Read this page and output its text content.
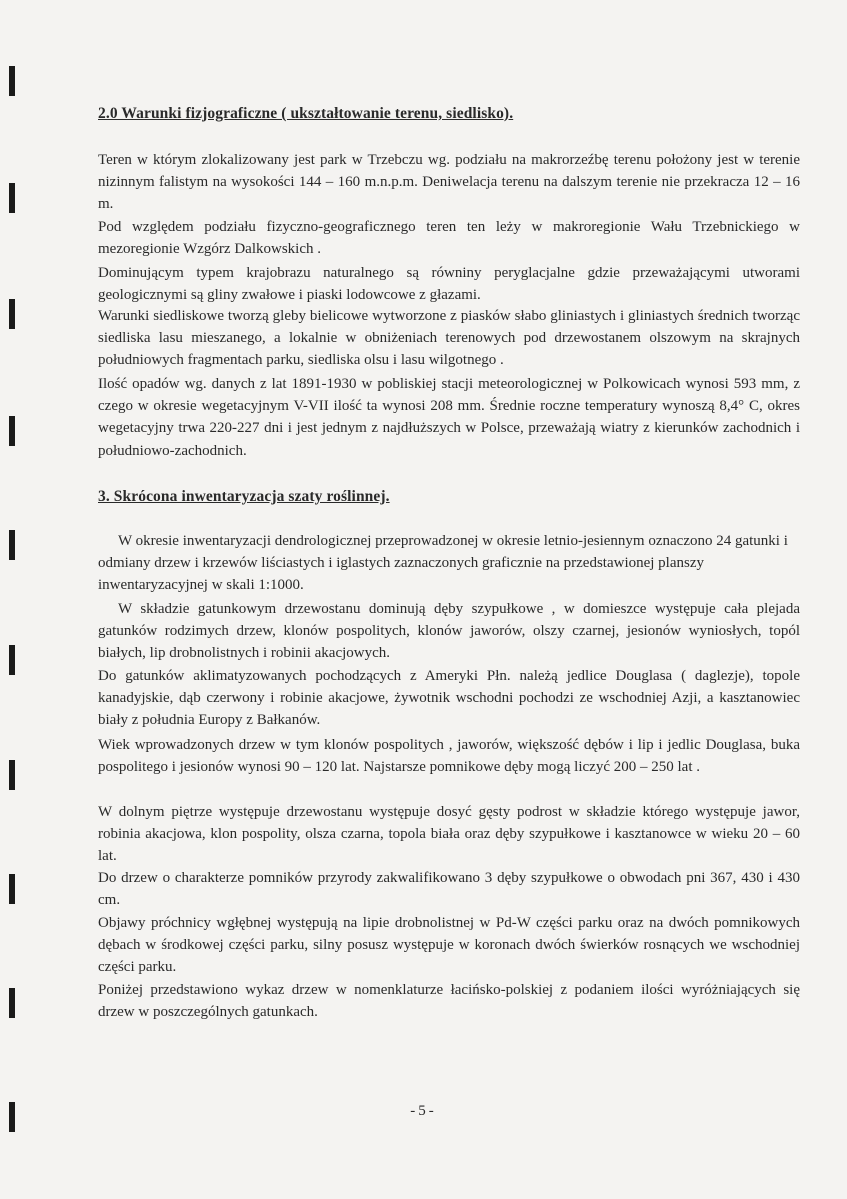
2.0 Warunki fizjograficzne ( ukształtowanie terenu, siedlisko).
Teren w którym zlokalizowany jest park w Trzebczu wg. podziału na makrorzeźbę terenu położony jest w terenie nizinnym falistym na wysokości 144 – 160 m.n.p.m. Deniwelacja terenu na dalszym terenie nie przekracza 12 – 16 m.
Pod względem podziału fizyczno-geograficznego teren ten leży w makroregionie Wału Trzebnickiego w mezoregionie Wzgórz Dalkowskich .
Dominującym typem krajobrazu naturalnego są równiny peryglacjalne gdzie przeważającymi utworami geologicznymi są gliny zwałowe i piaski lodowcowe z głazami.
Warunki siedliskowe tworzą gleby bielicowe wytworzone z piasków słabo gliniastych i gliniastych średnich tworząc siedliska lasu mieszanego, a lokalnie w obniżeniach terenowych pod drzewostanem olszowym na skrajnych południowych fragmentach parku, siedliska olsu i lasu wilgotnego .
Ilość opadów wg. danych z lat 1891-1930 w pobliskiej stacji meteorologicznej w Polkowicach wynosi 593 mm, z czego w okresie wegetacyjnym V-VII ilość ta wynosi 208 mm. Średnie roczne temperatury wynoszą 8,4° C, okres wegetacyjny trwa 220-227 dni i jest jednym z najdłuższych w Polsce, przeważają wiatry z kierunków zachodnich i południowo-zachodnich.
3. Skrócona inwentaryzacja szaty roślinnej.
W okresie inwentaryzacji dendrologicznej przeprowadzonej w okresie letnio-jesiennym oznaczono 24 gatunki i odmiany drzew i krzewów liściastych i iglastych zaznaczonych graficznie na przedstawionej planszy inwentaryzacyjnej w skali 1:1000.
W składzie gatunkowym drzewostanu dominują dęby szypułkowe , w domieszce występuje cała plejada gatunków rodzimych drzew, klonów pospolitych, klonów jaworów, olszy czarnej, jesionów wyniosłych, topól białych, lip drobnolistnych i robinii akacjowych.
Do gatunków aklimatyzowanych pochodzących z Ameryki Płn. należą jedlice Douglasa ( daglezje), topole kanadyjskie, dąb czerwony i robinie akacjowe, żywotnik wschodni pochodzi ze wschodniej Azji, a kasztanowiec biały z południa Europy z Bałkanów.
Wiek wprowadzonych drzew w tym klonów pospolitych , jaworów, większość dębów i lip i jedlic Douglasa, buka pospolitego i jesionów wynosi 90 – 120 lat. Najstarsze pomnikowe dęby mogą liczyć 200 – 250 lat .
W dolnym piętrze występuje drzewostanu występuje dosyć gęsty podrost w składzie którego występuje jawor, robinia akacjowa, klon pospolity, olsza czarna, topola biała oraz dęby szypułkowe i kasztanowce w wieku 20 – 60 lat.
Do drzew o charakterze pomników przyrody zakwalifikowano 3 dęby szypułkowe o obwodach pni 367, 430 i 430 cm.
Objawy próchnicy wgłębnej występują na lipie drobnolistnej w Pd-W części parku oraz na dwóch pomnikowych dębach w środkowej części parku, silny posusz występuje w koronach dwóch świerków rosnących we wschodniej części parku.
Poniżej przedstawiono wykaz drzew w nomenklaturze łacińsko-polskiej z podaniem ilości wyróżniających się drzew w poszczególnych gatunkach.
-5-
